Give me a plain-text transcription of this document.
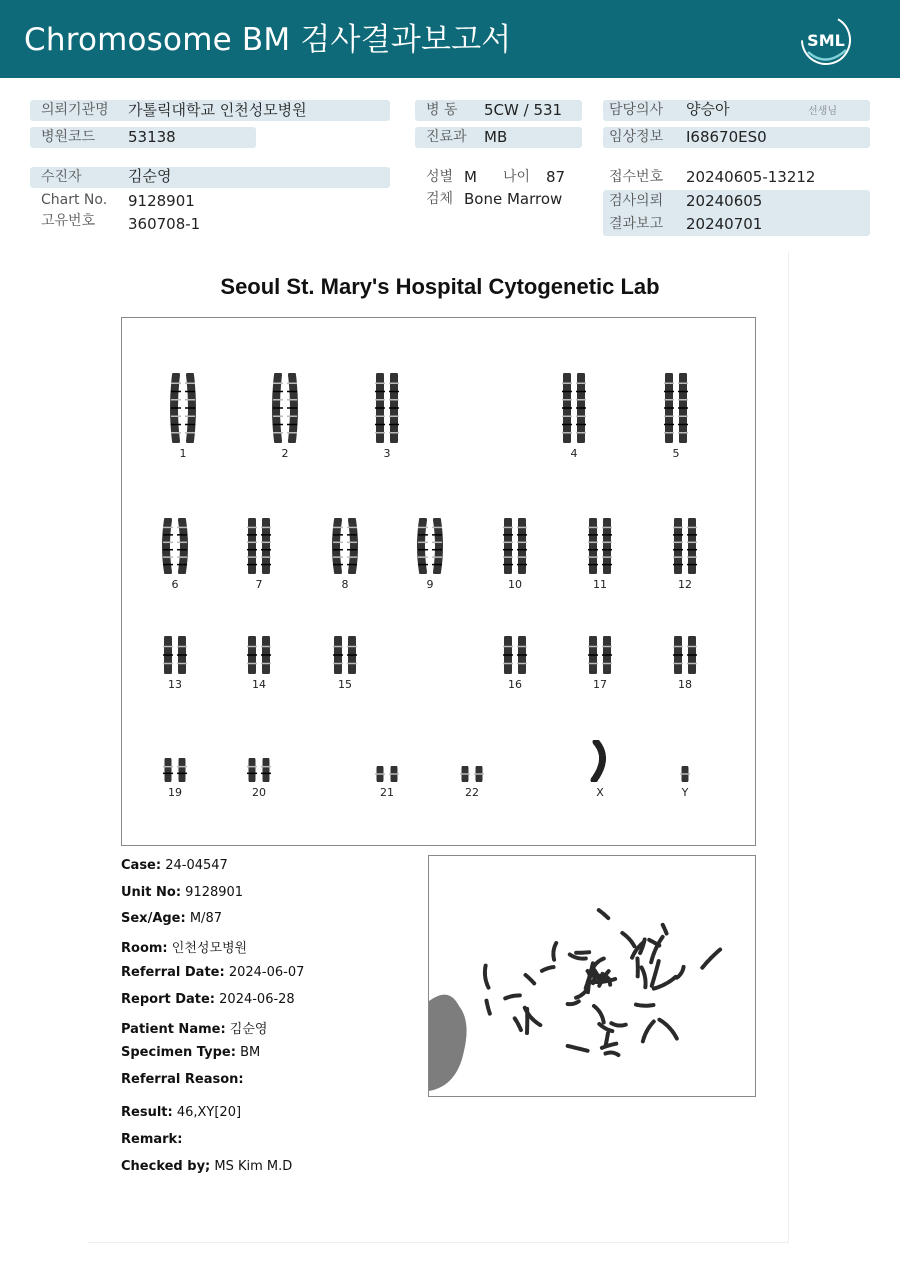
Chromosome BM 검사결과보고서	SML
의뢰기관명 가톨릭대학교 인천성모병원	병 동 5CW / 531	담당의사 양승아	선생님
병원코드 53138	진료과 MB	임상정보 I68670ES0
수진자	김순영	성별 M 나이 87	접수번호 20240605-13212
Chart No. 9128901	검체 Bone Marrow	검사의뢰 20240605
고유번호 360708-1	결과보고 20240701
Seoul St. Mary's Hospital Cytogenetic Lab
1	2	3	4	5
6	7	8	9	10	11	12
13	14	15	16	17	18
19	20	21	22	X	Y
Case: 24-04547
Unit No: 9128901
Sex/Age: M/87
Room: 인천성모병원
Referral Date: 2024-06-07
Report Date: 2024-06-28
Patient Name: 김순영
Specimen Type: BM
Referral Reason:
Result: 46,XY[20]
Remark:
Checked by; MS Kim M.D
